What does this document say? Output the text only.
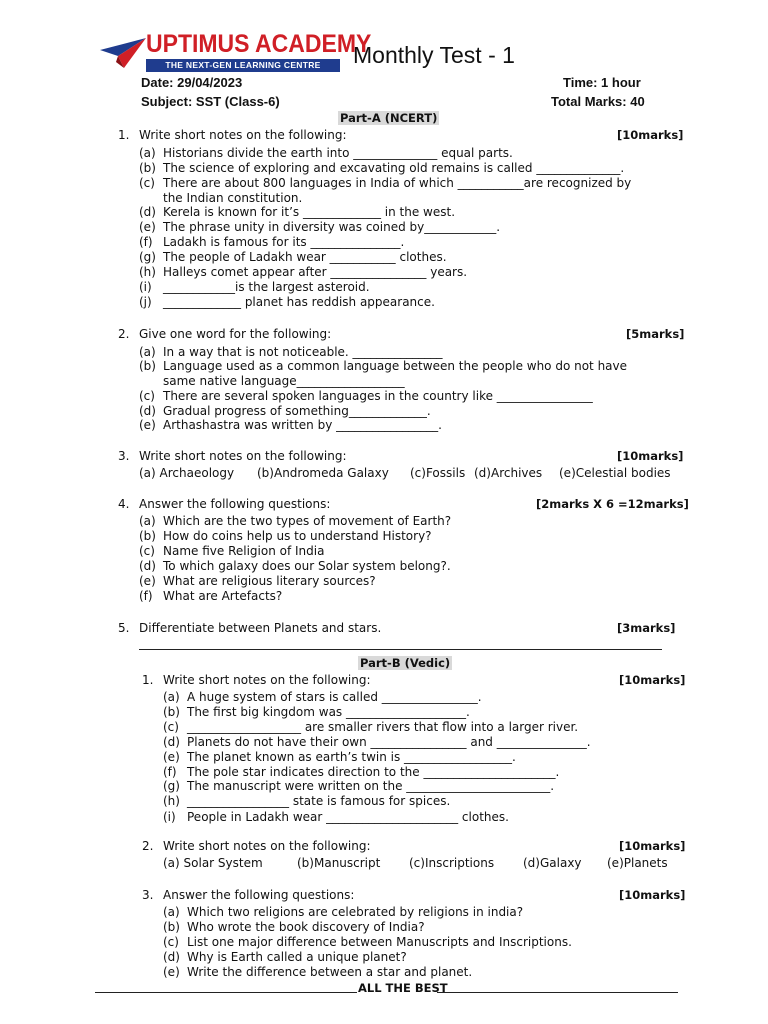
UPTIMUS ACADEMY
THE NEXT-GEN LEARNING CENTRE	Monthly Test - 1
Date: 29/04/2023	Time: 1 hour
Subject: SST (Class-6)	Total Marks: 40
Part-A (NCERT)
1. Write short notes on the following:	[10marks]
(a) Historians divide the earth into ______________ equal parts.
(b) The science of exploring and excavating old remains is called ______________.
(c) There are about 800 languages in India of which ___________are recognized by
the Indian constitution.
(d) Kerela is known for it’s _____________ in the west.
(e) The phrase unity in diversity was coined by____________.
(f) Ladakh is famous for its _______________.
(g) The people of Ladakh wear ___________ clothes.
(h) Halleys comet appear after ________________ years.
(i) ____________is the largest asteroid.
(j) _____________ planet has reddish appearance.
2. Give one word for the following:	[5marks]
(a) In a way that is not noticeable. _______________
(b) Language used as a common language between the people who do not have
same native language__________________
(c) There are several spoken languages in the country like ________________
(d) Gradual progress of something_____________.
(e) Arthashastra was written by _________________.
3. Write short notes on the following:	[10marks]
(a) Archaeology (b)Andromeda Galaxy (c)Fossils (d)Archives (e)Celestial bodies
4. Answer the following questions:	[2marks X 6 =12marks]
(a) Which are the two types of movement of Earth?
(b) How do coins help us to understand History?
(c) Name five Religion of India
(d) To which galaxy does our Solar system belong?.
(e) What are religious literary sources?
(f) What are Artefacts?
5. Differentiate between Planets and stars.	[3marks]
Part-B (Vedic)
1. Write short notes on the following:	[10marks]
(a) A huge system of stars is called ________________.
(b) The first big kingdom was ____________________.
(c) ___________________ are smaller rivers that flow into a larger river.
(d) Planets do not have their own ________________ and _______________.
(e) The planet known as earth’s twin is __________________.
(f) The pole star indicates direction to the ______________________.
(g) The manuscript were written on the ________________________.
(h) _________________ state is famous for spices.
(i) People in Ladakh wear ______________________ clothes.
2. Write short notes on the following:	[10marks]
(a) Solar System	(b)Manuscript (c)Inscriptions (d)Galaxy (e)Planets
3. Answer the following questions:	[10marks]
(a) Which two religions are celebrated by religions in india?
(b) Who wrote the book discovery of India?
(c) List one major difference between Manuscripts and Inscriptions.
(d) Why is Earth called a unique planet?
(e) Write the difference between a star and planet.
ALL THE BEST
